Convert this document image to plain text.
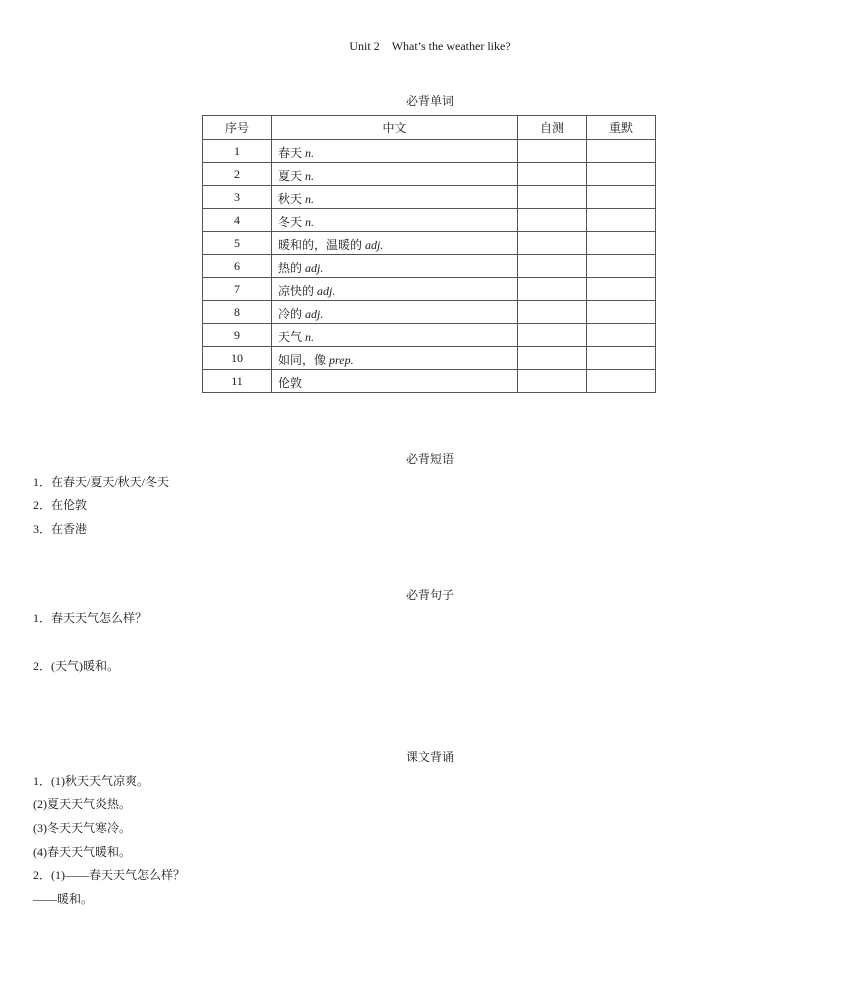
Unit 2　What’s the weather like?
必背单词
序号	中文	自测	重默
1	春天 n.		
2	夏天 n.		
3	秋天 n.		
4	冬天 n.		
5	暖和的，温暖的 adj.		
6	热的 adj.		
7	凉快的 adj.		
8	冷的 adj.		
9	天气 n.		
10	如同，像 prep.		
11	伦敦		
必背短语
1．在春天/夏天/秋天/冬天
2．在伦敦
3．在香港
必背句子
1．春天天气怎么样？
2．(天气)暖和。
课文背诵
1．(1)秋天天气凉爽。
(2)夏天天气炎热。
(3)冬天天气寒冷。
(4)春天天气暖和。
2．(1)——春天天气怎么样？
——暖和。
